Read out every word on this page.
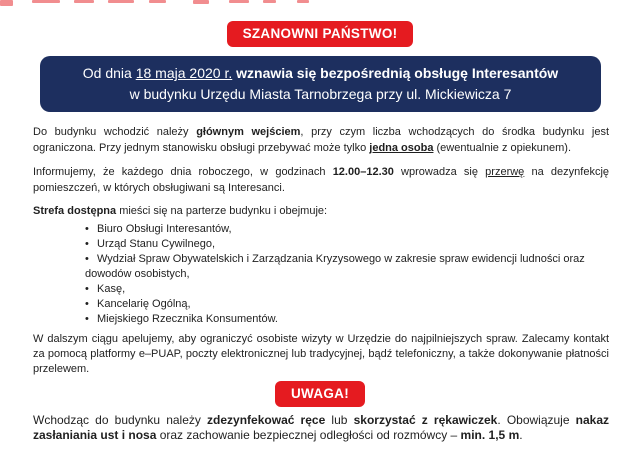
SZANOWNI PAŃSTWO!
Od dnia 18 maja 2020 r. wznawia się bezpośrednią obsługę Interesantów
w budynku Urzędu Miasta Tarnobrzega przy ul. Mickiewicza 7

Do budynku wchodzić należy głównym wejściem, przy czym liczba wchodzących do środka budynku jest ograniczona. Przy jednym stanowisku obsługi przebywać może tylko jedna osoba (ewentualnie z opiekunem).

Informujemy, że każdego dnia roboczego, w godzinach 12.00–12.30 wprowadza się przerwę na dezynfekcję pomieszczeń, w których obsługiwani są Interesanci.

Strefa dostępna mieści się na parterze budynku i obejmuje:

• Biuro Obsługi Interesantów,
• Urząd Stanu Cywilnego,
• Wydział Spraw Obywatelskich i Zarządzania Kryzysowego w zakresie spraw ewidencji ludności oraz dowodów osobistych,
• Kasę,
• Kancelarię Ogólną,
• Miejskiego Rzecznika Konsumentów.

W dalszym ciągu apelujemy, aby ograniczyć osobiste wizyty w Urzędzie do najpilniejszych spraw. Zalecamy kontakt za pomocą platformy e–PUAP, poczty elektronicznej lub tradycyjnej, bądź telefoniczny, a także dokonywanie płatności przelewem.

UWAGA!

Wchodząc do budynku należy zdezynfekować ręce lub skorzystać z rękawiczek. Obowiązuje nakaz zasłaniania ust i nosa oraz zachowanie bezpiecznej odległości od rozmówcy – min. 1,5 m.
